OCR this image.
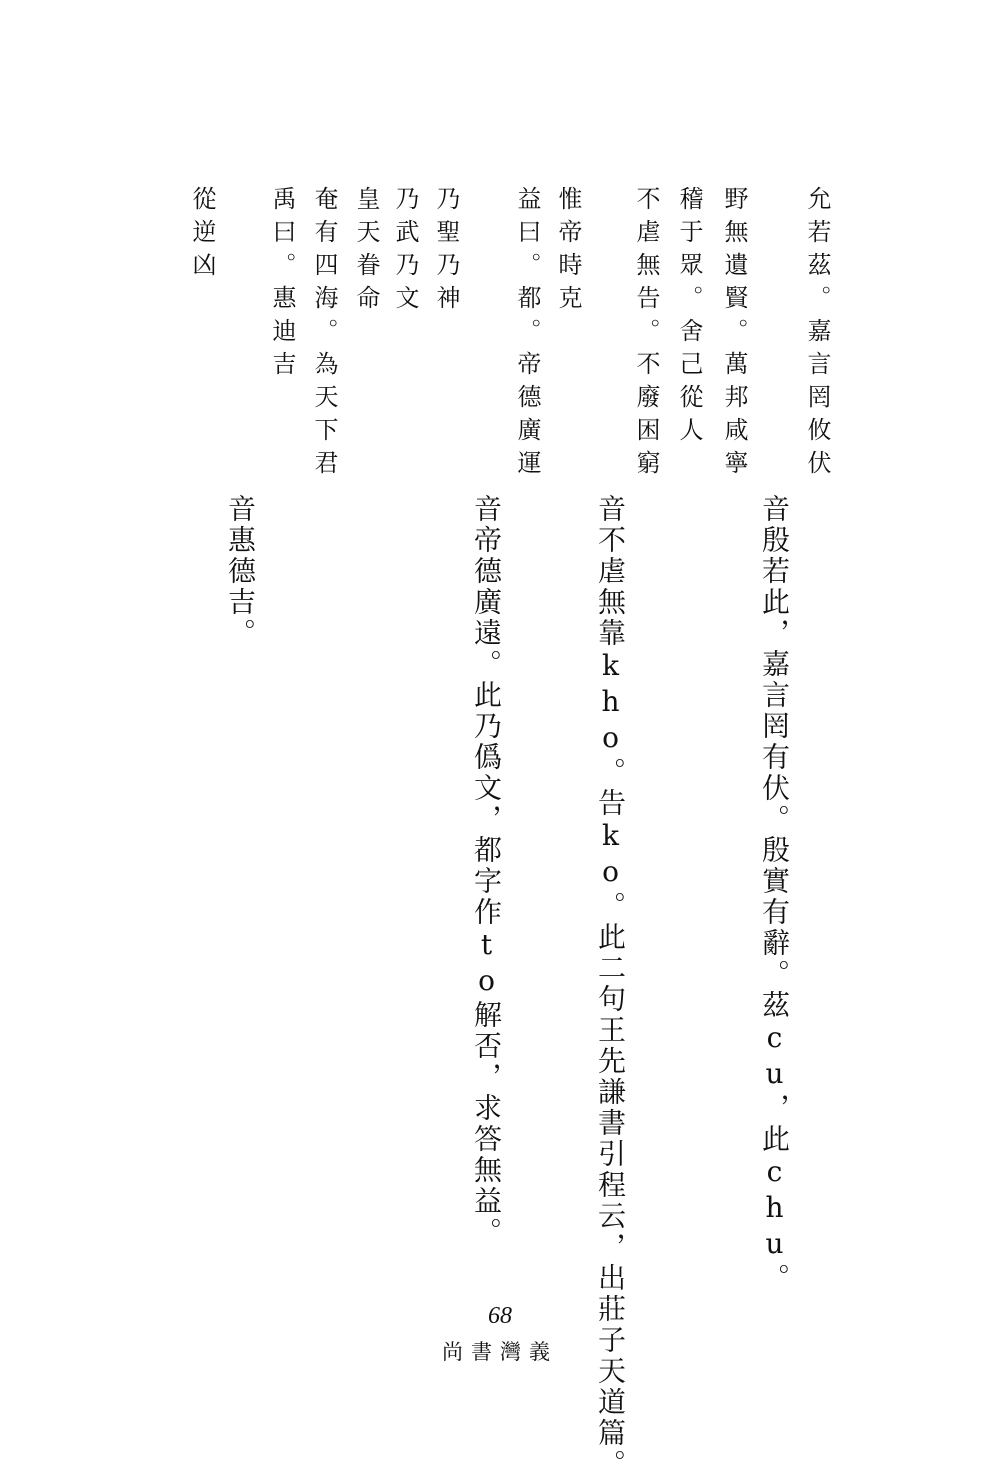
允若茲。嘉言罔攸伏
野無遺賢。萬邦咸寧
稽于眾。舍己從人
不虐無告。不廢困窮
惟帝時克
益曰。都。帝德廣運
乃聖乃神
乃武乃文
皇天眷命
奄有四海。為天下君
禹曰。惠迪吉
從逆凶
音殷若此，嘉言罔有伏。殷實有辭。茲cu，此chu。
音不虐無靠kho。告ko。此二句王先謙書引程云，出莊子天道篇。
音帝德廣遠。此乃僞文，都字作to解否，求答無益。
音惠德吉。
68
尚書灣義
